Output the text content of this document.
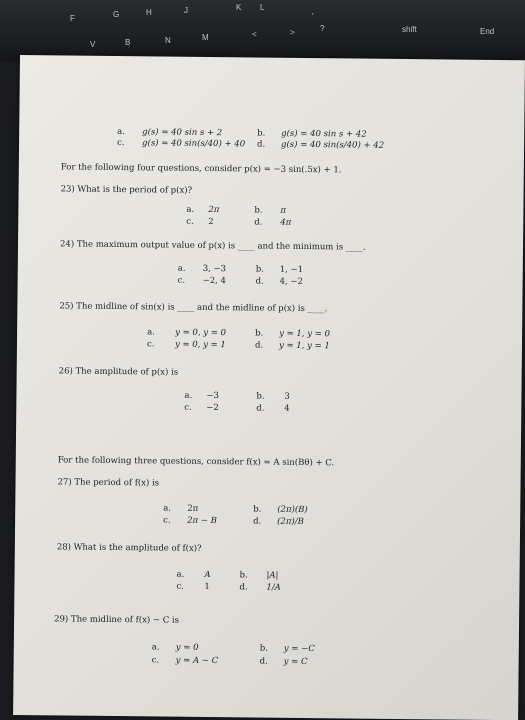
F	G	H	J	K L
'
V	B	N	M	<	>	?	shift	End
a. g(s) = 40 sin s + 2	b. g(s) = 40 sin s + 42
c. g(s) = 40 sin(s/40) + 40 d. g(s) = 40 sin(s/40) + 42
For the following four questions, consider p(x) = −3 sin(.5x) + 1.
23) What is the period of p(x)?
a. 2π	b. π
c. 2	d. 4π
24) The maximum output value of p(x) is ____ and the minimum is ____.
a. 3, −3	b. 1, −1
c. −2, 4	d. 4, −2
25) The midline of sin(x) is ____ and the midline of p(x) is ____.
a. y = 0, y = 0	b. y = 1, y = 0
c. y = 0, y = 1	d. y = 1, y = 1
26) The amplitude of p(x) is
a. −3	b. 3
c. −2	d. 4
For the following three questions, consider f(x) = A sin(Bθ) + C.
27) The period of f(x) is
a. 2π	b. (2π)(B)
c. 2π − B	d. (2π)/B
28) What is the amplitude of f(x)?
a. A	b. |A|
c. 1	d. 1/A
29) The midline of f(x) − C is
a. y = 0	b. y = −C
c. y = A − C	d. y = C
